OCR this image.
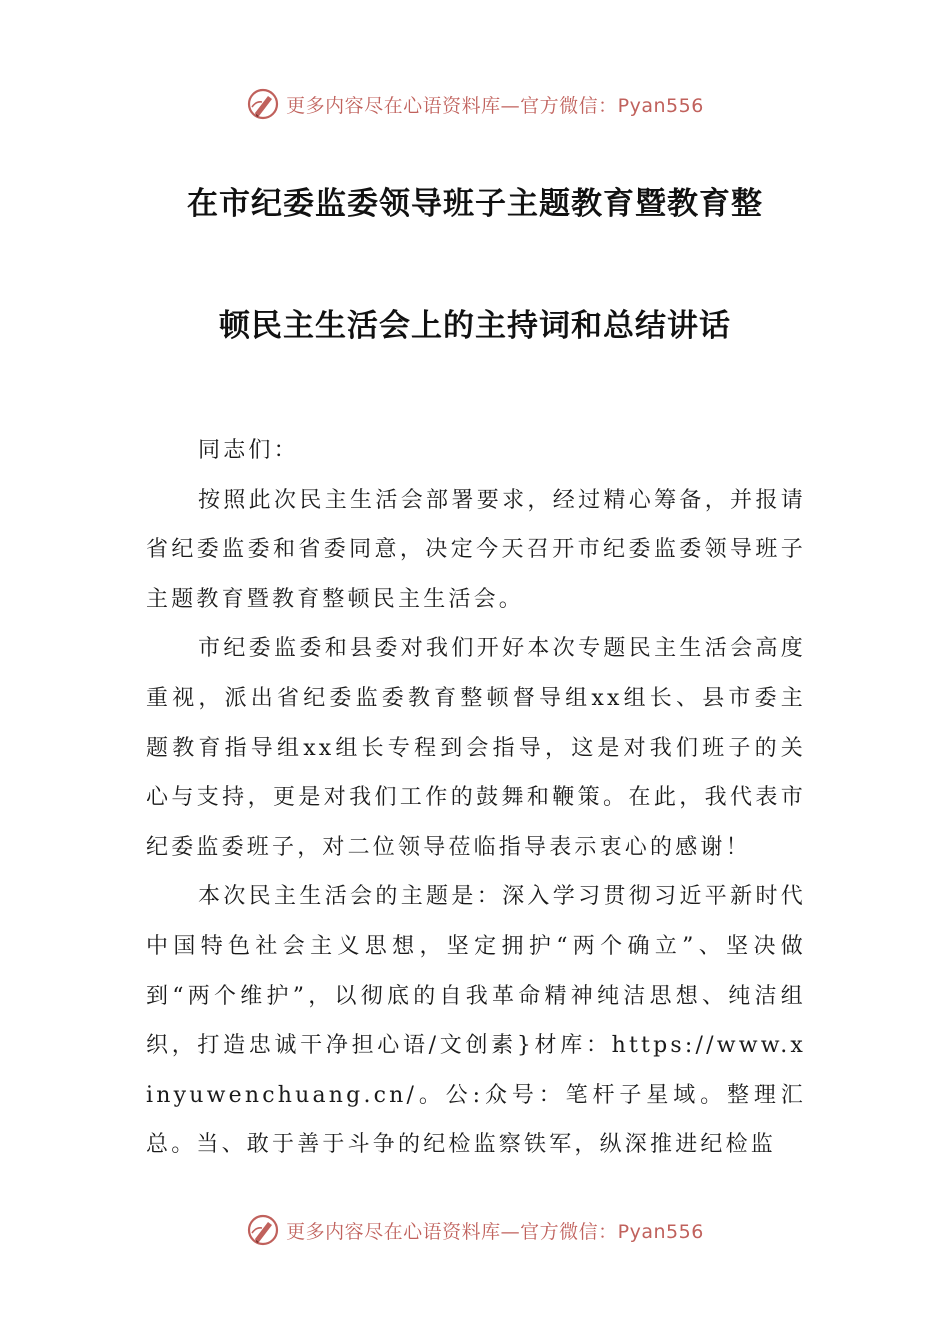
更多内容尽在心语资料库—官方微信：Pyan556
在市纪委监委领导班子主题教育暨教育整
顿民主生活会上的主持词和总结讲话

同志们：

按照此次民主生活会部署要求，经过精心筹备，并报请省纪委监委和省委同意，决定今天召开市纪委监委领导班子主题教育暨教育整顿民主生活会。

市纪委监委和县委对我们开好本次专题民主生活会高度重视，派出省纪委监委教育整顿督导组xx组长、县市委主题教育指导组xx组长专程到会指导，这是对我们班子的关心与支持，更是对我们工作的鼓舞和鞭策。在此，我代表市纪委监委班子，对二位领导莅临指导表示衷心的感谢！

本次民主生活会的主题是：深入学习贯彻习近平新时代中国特色社会主义思想，坚定拥护“两个确立”、坚决做到“两个维护”，以彻底的自我革命精神纯洁思想、纯洁组织，打造忠诚干净担心语/文创素}材库：https://www.xinyuwenchuang.cn/。公:众号：笔杆子星域。整理汇总。当、敢于善于斗争的纪检监察铁军，纵深推进纪检监

更多内容尽在心语资料库—官方微信：Pyan556
